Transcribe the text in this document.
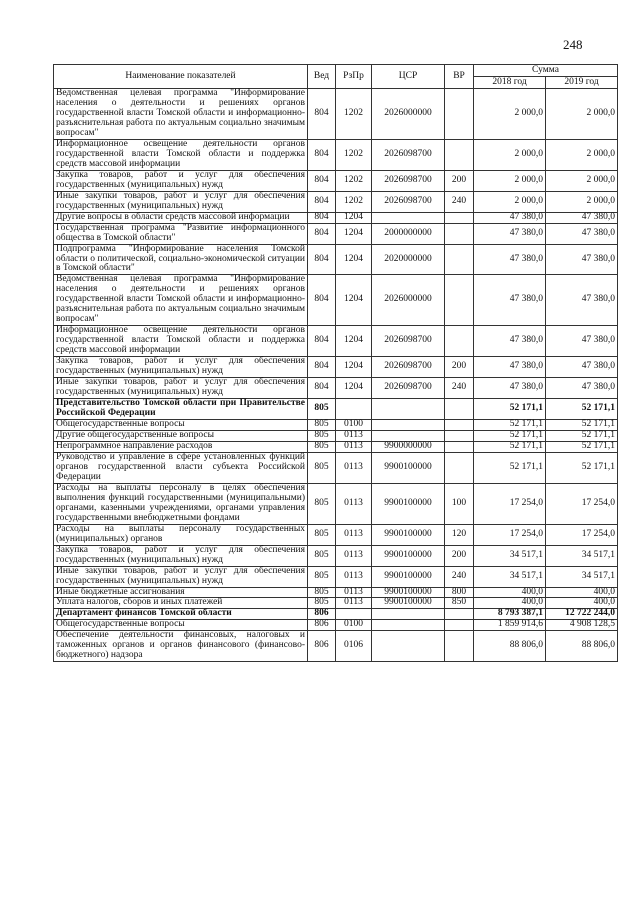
248
Наименование показателей	Вед	РзПр	ЦСР	ВР	Сумма	
					2018 год	2019 год
Ведомственная целевая программа "Информирование населения о деятельности и решениях органов государственной власти Томской области и информационно-разъяснительная работа по актуальным социально значимым вопросам"	804	1202	2026000000		2 000,0	2 000,0
Информационное освещение деятельности органов государственной власти Томской области и поддержка средств массовой информации	804	1202	2026098700		2 000,0	2 000,0
Закупка товаров, работ и услуг для обеспечения государственных (муниципальных) нужд	804	1202	2026098700	200	2 000,0	2 000,0
Иные закупки товаров, работ и услуг для обеспечения государственных (муниципальных) нужд	804	1202	2026098700	240	2 000,0	2 000,0
Другие вопросы в области средств массовой информации	804	1204			47 380,0	47 380,0
Государственная программа "Развитие информационного общества в Томской области"	804	1204	2000000000		47 380,0	47 380,0
Подпрограмма "Информирование населения Томской области о политической, социально-экономической ситуации в Томской области"	804	1204	2020000000		47 380,0	47 380,0
Ведомственная целевая программа "Информирование населения о деятельности и решениях органов государственной власти Томской области и информационно-разъяснительная работа по актуальным социально значимым вопросам"	804	1204	2026000000		47 380,0	47 380,0
Информационное освещение деятельности органов государственной власти Томской области и поддержка средств массовой информации	804	1204	2026098700		47 380,0	47 380,0
Закупка товаров, работ и услуг для обеспечения государственных (муниципальных) нужд	804	1204	2026098700	200	47 380,0	47 380,0
Иные закупки товаров, работ и услуг для обеспечения государственных (муниципальных) нужд	804	1204	2026098700	240	47 380,0	47 380,0
Представительство Томской области при Правительстве Российской Федерации	805				52 171,1	52 171,1
Общегосударственные вопросы	805	0100			52 171,1	52 171,1
Другие общегосударственные вопросы	805	0113			52 171,1	52 171,1
Непрограммное направление расходов	805	0113	9900000000		52 171,1	52 171,1
Руководство и управление в сфере установленных функций органов государственной власти субъекта Российской Федерации	805	0113	9900100000		52 171,1	52 171,1
Расходы на выплаты персоналу в целях обеспечения выполнения функций государственными (муниципальными) органами, казенными учреждениями, органами управления государственными внебюджетными фондами	805	0113	9900100000	100	17 254,0	17 254,0
Расходы на выплаты персоналу государственных (муниципальных) органов	805	0113	9900100000	120	17 254,0	17 254,0
Закупка товаров, работ и услуг для обеспечения государственных (муниципальных) нужд	805	0113	9900100000	200	34 517,1	34 517,1
Иные закупки товаров, работ и услуг для обеспечения государственных (муниципальных) нужд	805	0113	9900100000	240	34 517,1	34 517,1
Иные бюджетные ассигнования	805	0113	9900100000	800	400,0	400,0
Уплата налогов, сборов и иных платежей	805	0113	9900100000	850	400,0	400,0
Департамент финансов Томской области	806				8 793 387,1	12 722 244,0
Общегосударственные вопросы	806	0100			1 859 914,6	4 908 128,5
Обеспечение деятельности финансовых, налоговых и таможенных органов и органов финансового (финансово-бюджетного) надзора	806	0106			88 806,0	88 806,0
